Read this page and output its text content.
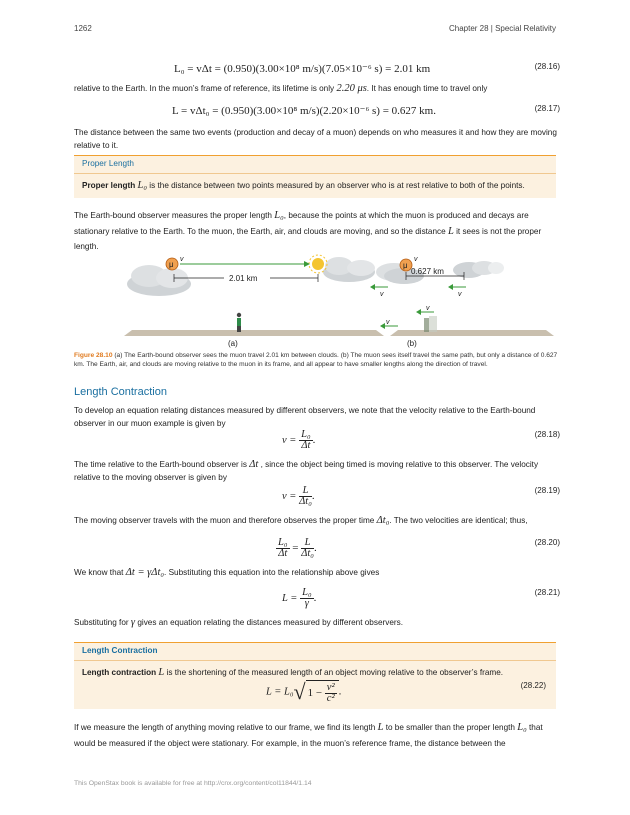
1262	Chapter 28 | Special Relativity
L₀ = vΔt = (0.950)(3.00×10⁸ m/s)(7.05×10⁻⁶ s) = 2.01 km	(28.16)
relative to the Earth. In the muon’s frame of reference, its lifetime is only 2.20 μs. It has enough time to travel only
L = vΔt₀ = (0.950)(3.00×10⁸ m/s)(2.20×10⁻⁶ s) = 0.627 km.	(28.17)
The distance between the same two events (production and decay of a muon) depends on who measures it and how they are moving relative to it.
Proper Length
Proper length L₀ is the distance between two points measured by an observer who is at rest relative to both of the points.
The Earth-bound observer measures the proper length L₀, because the points at which the muon is produced and decays are stationary relative to the Earth. To the muon, the Earth, air, and clouds are moving, and so the distance L it sees is not the proper length.
μ
v
2.01 km
(a)
μ
v
0.627 km
v	v
v
v
(b)
Figure 28.10 (a) The Earth-bound observer sees the muon travel 2.01 km between clouds. (b) The muon sees itself travel the same path, but only a distance of 0.627 km. The Earth, air, and clouds are moving relative to the muon in its frame, and all appear to have smaller lengths along the direction of travel.
Length Contraction
To develop an equation relating distances measured by different observers, we note that the velocity relative to the Earth-bound observer in our muon example is given by
$v = \frac{\text{L₀}}{\Delta t}$ .	(28.18)
The time relative to the Earth-bound observer is Δt , since the object being timed is moving relative to this observer. The velocity relative to the moving observer is given by
$v = \frac{L}{\text{Δt₀}}$ .	(28.19)
The moving observer travels with the muon and therefore observes the proper time Δt₀. The two velocities are identical; thus,
$\frac{\text{L₀}}{\Delta t} = \frac{L}{\text{Δt₀}}$ .	(28.20)
We know that Δt = γΔt₀. Substituting this equation into the relationship above gives
$L = \frac{\text{L₀}}{\gamma}$ .	(28.21)
Substituting for γ gives an equation relating the distances measured by different observers.
Length Contraction
Length contraction L is the shortening of the measured length of an object moving relative to the observer’s frame.
L = L₀√ $1 - \frac{\text{v²}}{\text{c²}}$ .
(28.22)
If we measure the length of anything moving relative to our frame, we find its length L to be smaller than the proper length L₀ that would be measured if the object were stationary. For example, in the muon’s reference frame, the distance between the
This OpenStax book is available for free at http://cnx.org/content/col11844/1.14
